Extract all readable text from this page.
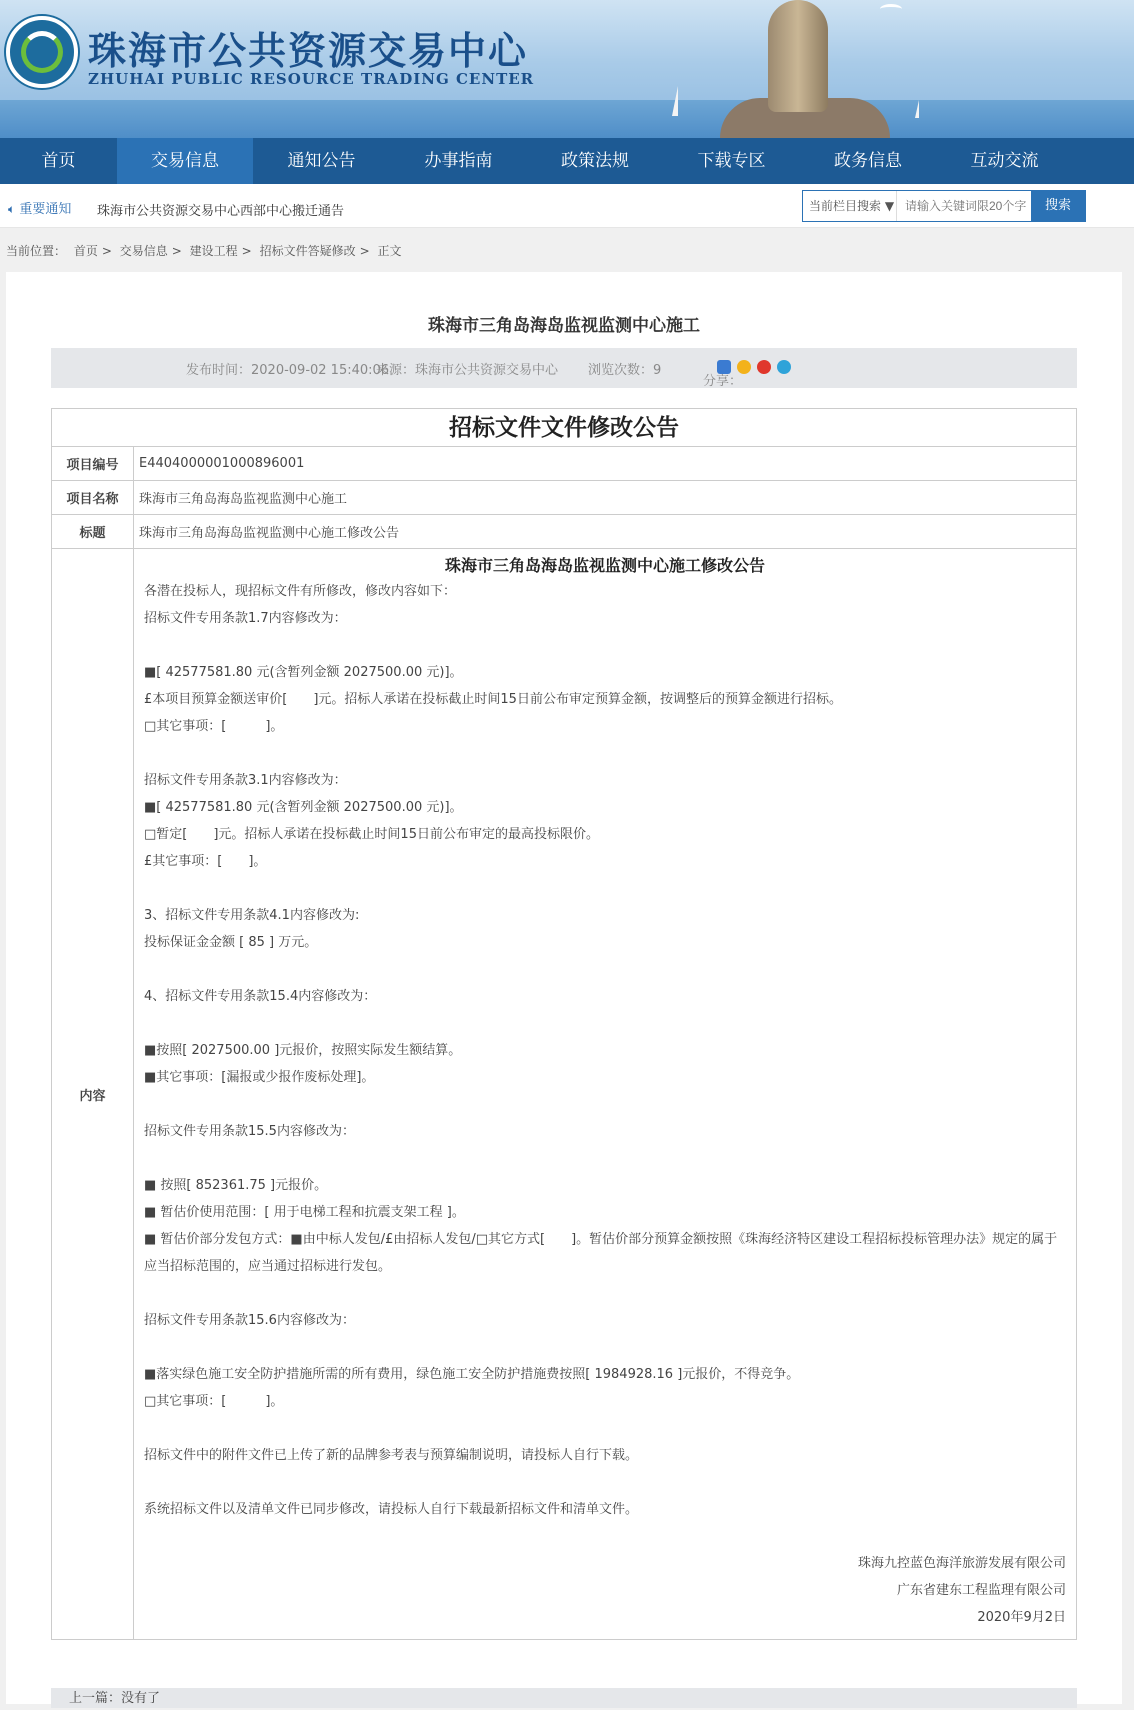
珠海市公共资源交易中心
ZHUHAI PUBLIC RESOURCE TRADING CENTER
首页	交易信息	通知公告	办事指南	政策法规	下载专区	政务信息	互动交流
🔈︎ 重要通知 珠海市公共资源交易中心西部中心搬迁通告	当前栏目搜索 ▼
请输入关键词限20个字	搜索
当前位置： 首页 > 交易信息 > 建设工程 > 招标文件答疑修改 > 正文
珠海市三角岛海岛监视监测中心施工
发布时间：2020-09-02 15:40:06
来源：珠海市公共资源交易中心 浏览次数：9
分享：
招标文件文件修改公告
项目编号	E4404000001000896001
项目名称	珠海市三角岛海岛监视监测中心施工
标题	珠海市三角岛海岛监视监测中心施工修改公告
内容
珠海市三角岛海岛监视监测中心施工修改公告

各潜在投标人，现招标文件有所修改，修改内容如下：

招标文件专用条款1.7内容修改为：

■[ 42577581.80 元(含暂列金额 2027500.00 元)]。

£本项目预算金额送审价[　　]元。招标人承诺在投标截止时间15日前公布审定预算金额，按调整后的预算金额进行招标。

□其它事项：[　　　]。

招标文件专用条款3.1内容修改为：

■[ 42577581.80 元(含暂列金额 2027500.00 元)]。

□暂定[　　]元。招标人承诺在投标截止时间15日前公布审定的最高投标限价。

£其它事项：[　　]。

3、招标文件专用条款4.1内容修改为:

投标保证金金额 [ 85 ] 万元。

4、招标文件专用条款15.4内容修改为：

■按照[ 2027500.00 ]元报价，按照实际发生额结算。

■其它事项：[漏报或少报作废标处理]。

招标文件专用条款15.5内容修改为：

■ 按照[ 852361.75 ]元报价。

■ 暂估价使用范围：[ 用于电梯工程和抗震支架工程 ]。

■ 暂估价部分发包方式：■由中标人发包/£由招标人发包/□其它方式[　　]。暂估价部分预算金额按照《珠海经济特区建设工程招标投标管理办法》规定的属于应当招标范围的，应当通过招标进行发包。

招标文件专用条款15.6内容修改为：

■落实绿色施工安全防护措施所需的所有费用，绿色施工安全防护措施费按照[ 1984928.16 ]元报价，不得竞争。

□其它事项：[　　　]。

招标文件中的附件文件已上传了新的品牌参考表与预算编制说明，请投标人自行下载。

系统招标文件以及清单文件已同步修改，请投标人自行下载最新招标文件和清单文件。

珠海九控蓝色海洋旅游发展有限公司

广东省建东工程监理有限公司

2020年9月2日

上一篇：没有了
